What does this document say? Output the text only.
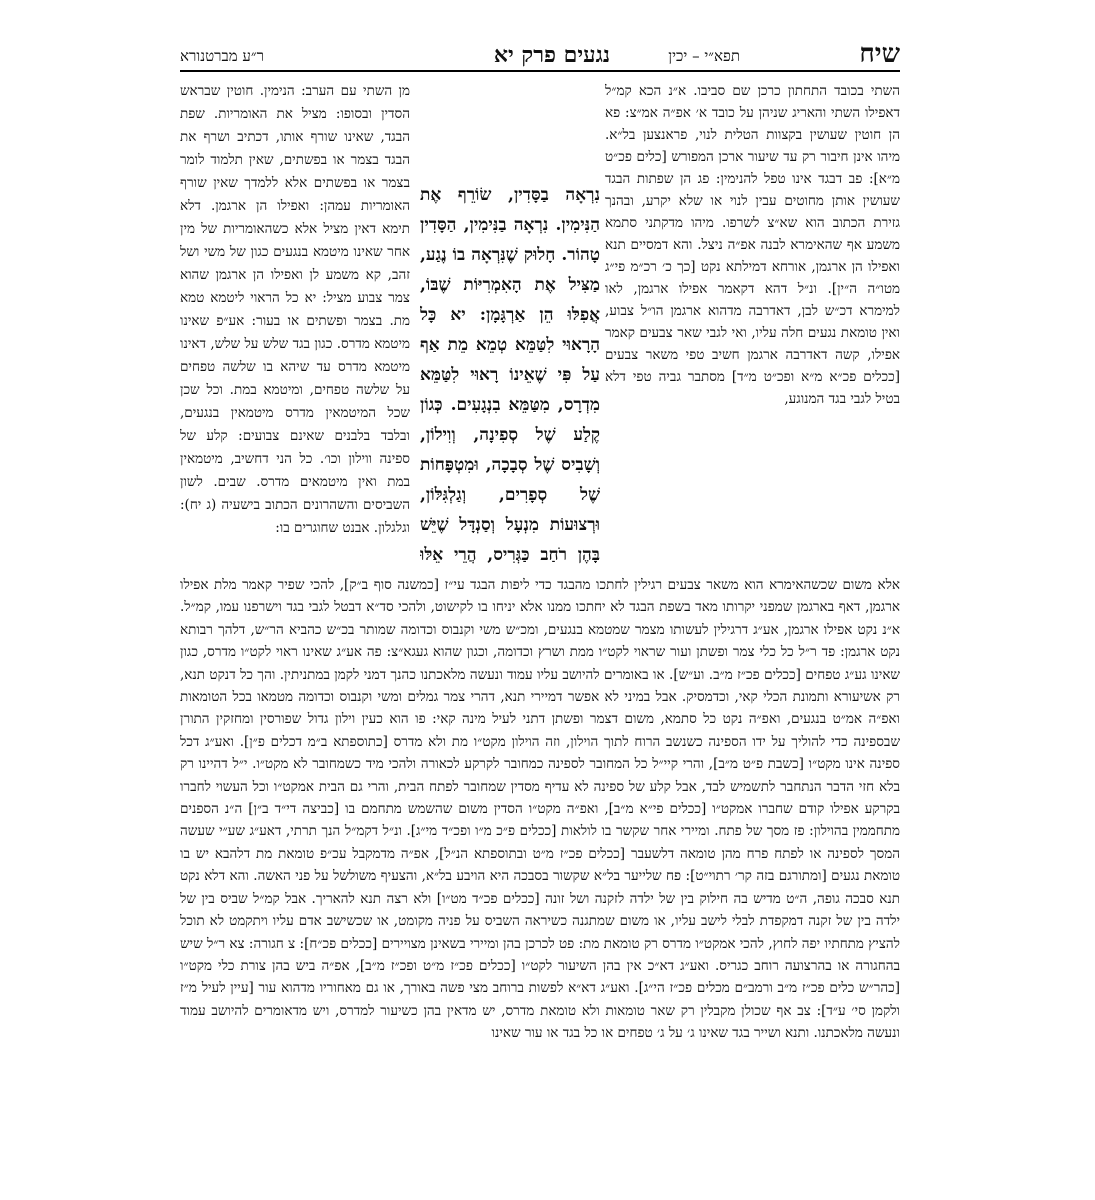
שיח
תפא״י – יכין
נגעים פרק יא
ר״ע מברטנורא

השתי בכובד התחתון כרכן שם סביבו. א״נ הכא קמ״ל דאפילו השתי והאריג שניהן על כובד א׳ אפ״ה אמ״צ: פא הן חוטין שעושין בקצוות הטלית לנוי, פראנצען בל״א. מיהו אינן חיבור רק עד שיעור ארכן המפורש [כלים פכ״ט מ״א]: פב דבגד אינו טפל להנימין: פג הן שפתות הבגד שעושין אותן מחוטים עבין לנוי או שלא יקרע, ובהנך גזירת הכתוב הוא שא״צ לשרפו. מיהו מדקתני סתמא משמע אף שהאימרא לבנה אפ״ה ניצל. והא דמסיים תנא ואפילו הן ארגמן, אורחא דמילתא נקט [כך כ׳ רכ״מ פי״ג מטו״ה ה״ין]. ונ״ל דהא דקאמר אפילו ארגמן, לאו למימרא דכ״ש לבן, דאדרבה מדהוא ארגמן הו״ל צבוע, ואין טומאת נגעים חלה עליו, ואי לגבי שאר צבעים קאמר אפילו, קשה דאדרבה ארגמן חשיב טפי משאר צבעים [ככלים פכ״א מ״א ופכ״ט מ״ד] מסתבר גביה טפי דלא בטיל לגבי בגד המנוגע,

מן השתי עם הערב: הנימין. חוטין שבראש הסדין ובסופו: מציל את האומריות. שפת הבגד, שאינו שורף אותו, דכתיב ושרף את הבגד בצמר או בפשתים, שאין תלמוד לומר בצמר או בפשתים אלא ללמדך שאין שורף האומריות עמהן: ואפילו הן ארגמן. דלא תימא דאין מציל אלא כשהאומריות של מין אחר שאינו מיטמא בנגעים כגון של משי ושל זהב, קא משמע לן ואפילו הן ארגמן שהוא צמר צבוע מציל: יא כל הראוי ליטמא טמא מת. בצמר ופשתים או בעור: אע״פ שאינו מיטמא מדרס. כגון בגד שלש על שלש, דאינו מיטמא מדרס עד שיהא בו שלשה טפחים על שלשה טפחים, ומיטמא במת. וכל שכן שכל המיטמאין מדרס מיטמאין בנגעים, ובלבד בלבנים שאינם צבועים: קלע של ספינה ווילון וכו׳. כל הני דחשיב, מיטמאין במת ואין מיטמאים מדרס. שבים. לשון השביסים והשהרונים הכתוב בישעיה (ג יח): וגלגלון. אבנט שחוגרים בו:

נִרְאָה בַסָּדִין, שׂוֹרֵף אֶת הַנִּימִין. נִרְאָה בַנִּימִין, הַסָּדִין טָהוֹר. חָלוּק שֶׁנִּרְאָה בוֹ נֶגַע, מַצִּיל אֶת הָאִמְרִיּוֹת שֶׁבּוֹ, אֲפִלּוּ הֵן אַרְגָּמָן: יא כָּל הָרָאוּי לִטַּמֵּא טְמֵא מֵת אַף עַל פִּי שֶׁאֵינוֹ רָאוּי לִטַּמֵּא מִדְרָס, מִטַּמֵּא בִנְגָעִים. כְּגוֹן קֶלַע שֶׁל סְפִינָה, וְוִילוֹן, וְשָׁבִיס שֶׁל סְבָכָה, וּמִטְפָּחוֹת שֶׁל סְפָרִים, וְגַלְגִּלּוֹן, וּרְצוּעוֹת מִנְעָל וְסַנְדָּל שֶׁיֵּשׁ בָּהֶן רֹחַב כַּגְּרִיס, הֲרֵי אֵלּוּ

אלא משום שכשהאימרא הוא משאר צבעים רגילין לחתכו מהבגד כדי ליפות הבגד עי״ז [כמשנה סוף ב״ק], להכי שפיר קאמר מלת אפילו ארגמן, דאף בארגמן שמפני יקרותו מאד בשפת הבגד לא יחתכו ממנו אלא יניחו בו לקישוט, ולהכי סד״א דבטל לגבי בגד וישרפנו עמו, קמ״ל. א״נ נקט אפילו ארגמן, אע״ג דרגילין לעשותו מצמר שמטמא בנגעים, ומכ״ש משי וקנבוס וכדומה שמותר בכ״ש כהביא הר״ש, דלהך רבותא נקט ארגמן: פד ר״ל כל כלי צמר ופשתן ועור שראוי לקט״ו ממת ושרץ וכדומה, וכגון שהוא געגא״צ: פה אע״ג שאינו ראוי לקט״ו מדרס, כגון שאינו גע״ג טפחים [ככלים פכ״ז מ״ב. וע״ש]. או באומרים להיושב עליו עמוד ונעשה מלאכתנו כהנך דמני לקמן במתניתין. והך כל דנקט תנא, רק אשיעורא ותמונת הכלי קאי, וכדמסיק. אבל במיני לא אפשר דמיירי תנא, דהרי צמר גמלים ומשי וקנבוס וכדומה מטמאו בכל הטומאות ואפ״ה אמ״ט בנגעים, ואפ״ה נקט כל סתמא, משום דצמר ופשתן דתני לעיל מינה קאי: פו הוא כעין וילון גדול שפורסין ומחזקין התורן שבספינה כדי להוליך על ידו הספינה כשנשב הרוח לתוך הוילון, וזה הוילון מקט״ו מת ולא מדרס [כתוספתא ב״מ דכלים פ״ן]. ואע״ג דכל ספינה אינו מקט״ו [כשבת פ״ט מ״ב], והרי קיי״ל כל המחובר לספינה כמחובר לקרקע לכאורה ולהכי מיד כשמחובר לא מקט״ו. י״ל דהיינו רק בלא חזי הדבר הנתחבר לתשמיש לבד, אבל קלע של ספינה לא עדיף מסדין שמחובר לפתח הבית, והרי גם הבית אמקט״ו וכל העשוי לחברו בקרקע אפילו קודם שחברו אמקט״ו [ככלים פי״א מ״ב], ואפ״ה מקט״ו הסדין משום שהשמש מתחמם בו [כביצה די״ד ב״ן] ה״נ הספנים מתחממין בהוילון: פז מסך של פתח. ומיירי אחר שקשר בו לולאות [ככלים פ״כ מ״ו ופכ״ד מי״ג]. ונ״ל דקמ״ל הנך תרתי, דאע״ג שע״י שעשה המסך לספינה או לפתח פרח מהן טומאה דלשעבר [ככלים פכ״ז מ״ט ובתוספתא הנ״ל], אפ״ה מדמקבל עכ״פ טומאת מת דלהבא יש בו טומאת נגעים [ומתורגם בזה קר׳ רתוי״ט]: פח שלייער בל״א שקשור בסבכה היא הויבע בל״א, והצעיף משולשל על פני האשה. והא דלא נקט תנא סבכה גופה, ה״ט מדיש בה חילוק בין של ילדה לזקנה ושל זונה [ככלים פכ״ד מט״ו] ולא רצה תנא להאריך. אבל קמ״ל שביס בין של ילדה בין של זקנה דמקפדת לבלי לישב עליו, או משום שמתגנה כשיראה השביס על פניה מקומט, או שכשישב אדם עליו ויתקמט לא תוכל להציץ מתחתיו יפה לחוץ, להכי אמקט״ו מדרס רק טומאת מת: פט לכרכן בהן ומיירי בשאינן מצויירים [ככלים פכ״ח]: צ חגורה: צא ר״ל שיש בהחגורה או בהרצועה רוחב כגריס. ואע״ג דא״כ אין בהן השיעור לקט״ו [ככלים פכ״ז מ״ט ופכ״ז מ״ב], אפ״ה ביש בהן צורת כלי מקט״ו [כהר״ש כלים פכ״ז מ״ב ורמב״ם מכלים פכ״ז הי״ג]. ואע״ג דא״א לפשות ברוחב מצי פשה באורך, או גם מאחוריו מדהוא עור [עיין לעיל מ״ז ולקמן סי׳ ע״ד]: צב אף שכולן מקבלין רק שאר טומאות ולא טומאת מדרס, יש מדאין בהן כשיעור למדרס, ויש מדאומרים להיושב עמוד ונעשה מלאכתנו. ותנא ושייר בגד שאינו ג׳ על ג׳ טפחים או כל בגד או עור שאינו
